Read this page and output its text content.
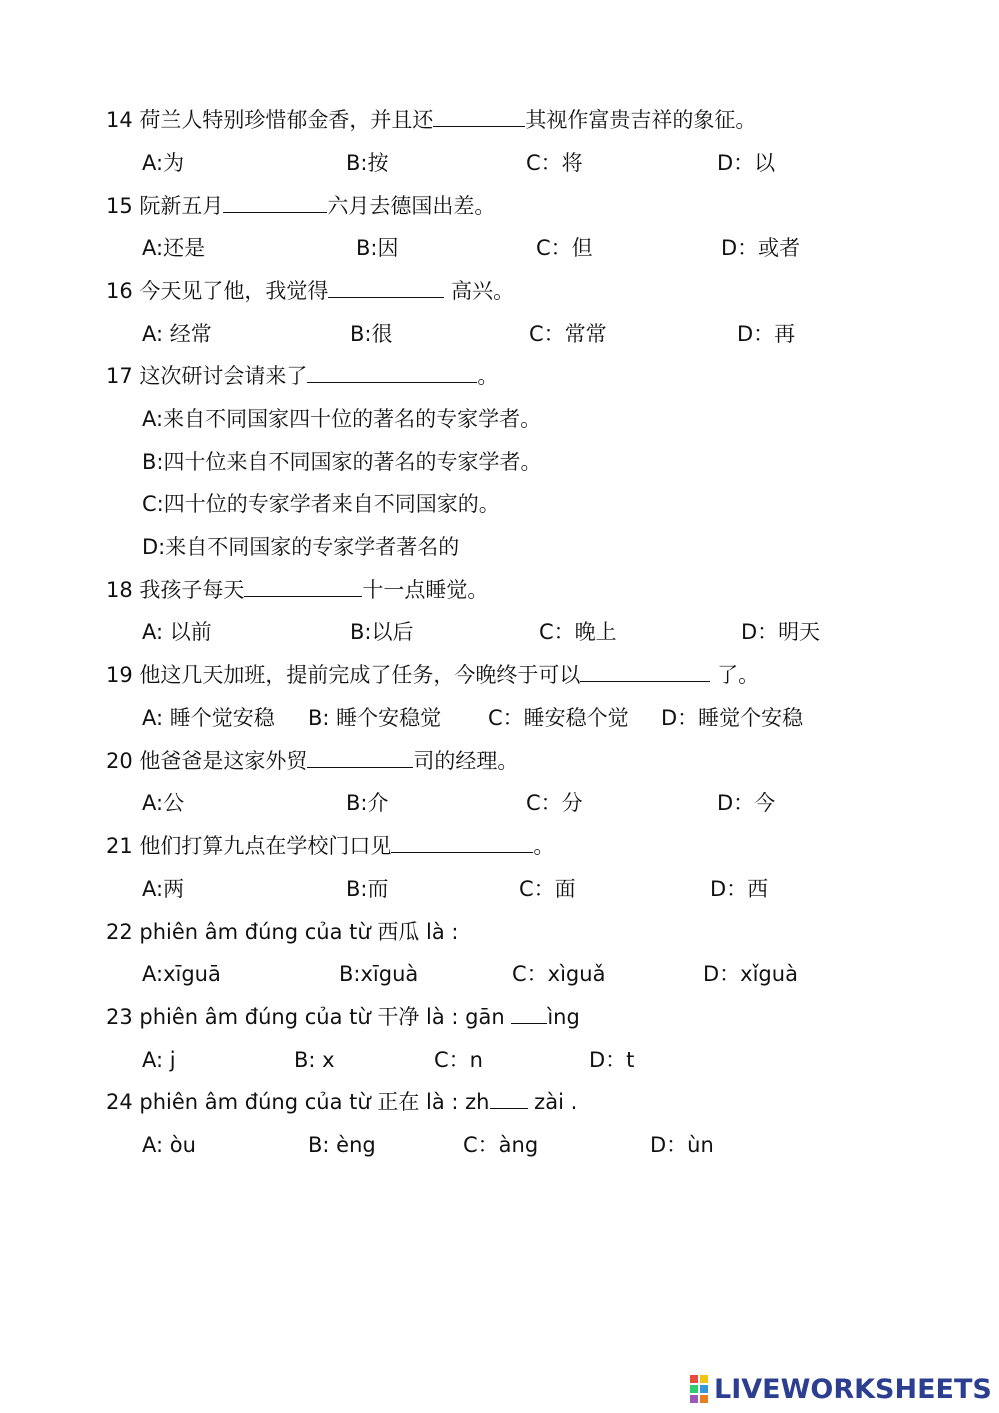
14 荷兰人特别珍惜郁金香，并且还	其视作富贵吉祥的象征。
A:为	B:按	C：将	D：以
15 阮新五月	六月去德国出差。
A:还是	B:因	C：但	D：或者
16 今天见了他，我觉得	高兴。
A: 经常	B:很	C：常常	D：再
17 这次研讨会请来了	。
A:来自不同国家四十位的著名的专家学者。
B:四十位来自不同国家的著名的专家学者。
C:四十位的专家学者来自不同国家的。
D:来自不同国家的专家学者著名的
18 我孩子每天	十一点睡觉。
A: 以前	B:以后	C：晚上	D：明天
19 他这几天加班，提前完成了任务，今晚终于可以	了。
A: 睡个觉安稳 B: 睡个安稳觉 C：睡安稳个觉 D：睡觉个安稳
20 他爸爸是这家外贸	司的经理。
A:公	B:介	C：分	D：今
21 他们打算九点在学校门口见	。
A:两	B:而	C：面	D：西
22 phiên âm đúng của từ 西瓜 là :
A:xīguā	B:xīguà	C：xìguǎ	D：xǐguà
23 phiên âm đúng của từ 干净 là : gān ìng
A: j	B: x	C：n	D：t
24 phiên âm đúng của từ 正在 là : zh zài .
A: òu	B: èng	C：àng	D：ùn
LIVEWORKSHEETS
